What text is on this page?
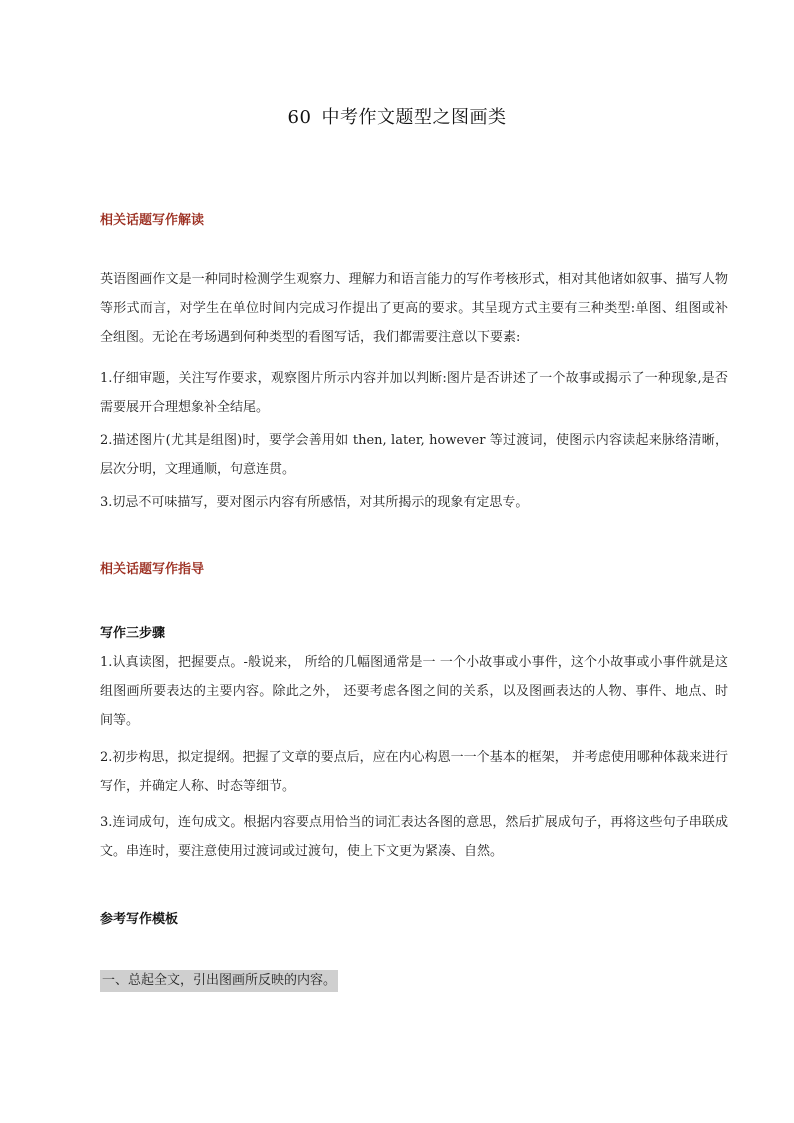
60 中考作文题型之图画类
相关话题写作解读

英语图画作文是一种同时检测学生观察力、理解力和语言能力的写作考核形式，相对其他诸如叙事、描写人物等形式而言，对学生在单位时间内完成习作提出了更高的要求。其呈现方式主要有三种类型:单图、组图或补全组图。无论在考场遇到何种类型的看图写话，我们都需要注意以下要素:

1.仔细审题，关注写作要求，观察图片所示内容并加以判断:图片是否讲述了一个故事或揭示了一种现象,是否需要展开合理想象补全结尾。

2.描述图片(尤其是组图)时，要学会善用如 then, later, however 等过渡词，使图示内容读起来脉络清晰，层次分明，文理通顺，句意连贯。

3.切忌不可味描写，要对图示内容有所感悟，对其所揭示的现象有定思专。

相关话题写作指导
写作三步骤

1.认真读图，把握要点。-般说来， 所给的几幅图通常是一 一个小故事或小事件，这个小故事或小事件就是这组图画所要表达的主要内容。除此之外， 还要考虑各图之间的关系，以及图画表达的人物、事件、地点、时间等。

2.初步构思，拟定提纲。把握了文章的要点后，应在内心构恩一一个基本的框架， 并考虑使用哪种体裁来进行写作，并确定人称、时态等细节。

3.连词成句，连句成文。根据内容要点用恰当的词汇表达各图的意思，然后扩展成句子，再将这些句子串联成文。串连时，要注意使用过渡词或过渡句，使上下文更为紧凑、自然。

参考写作模板
一、总起全文，引出图画所反映的内容。
